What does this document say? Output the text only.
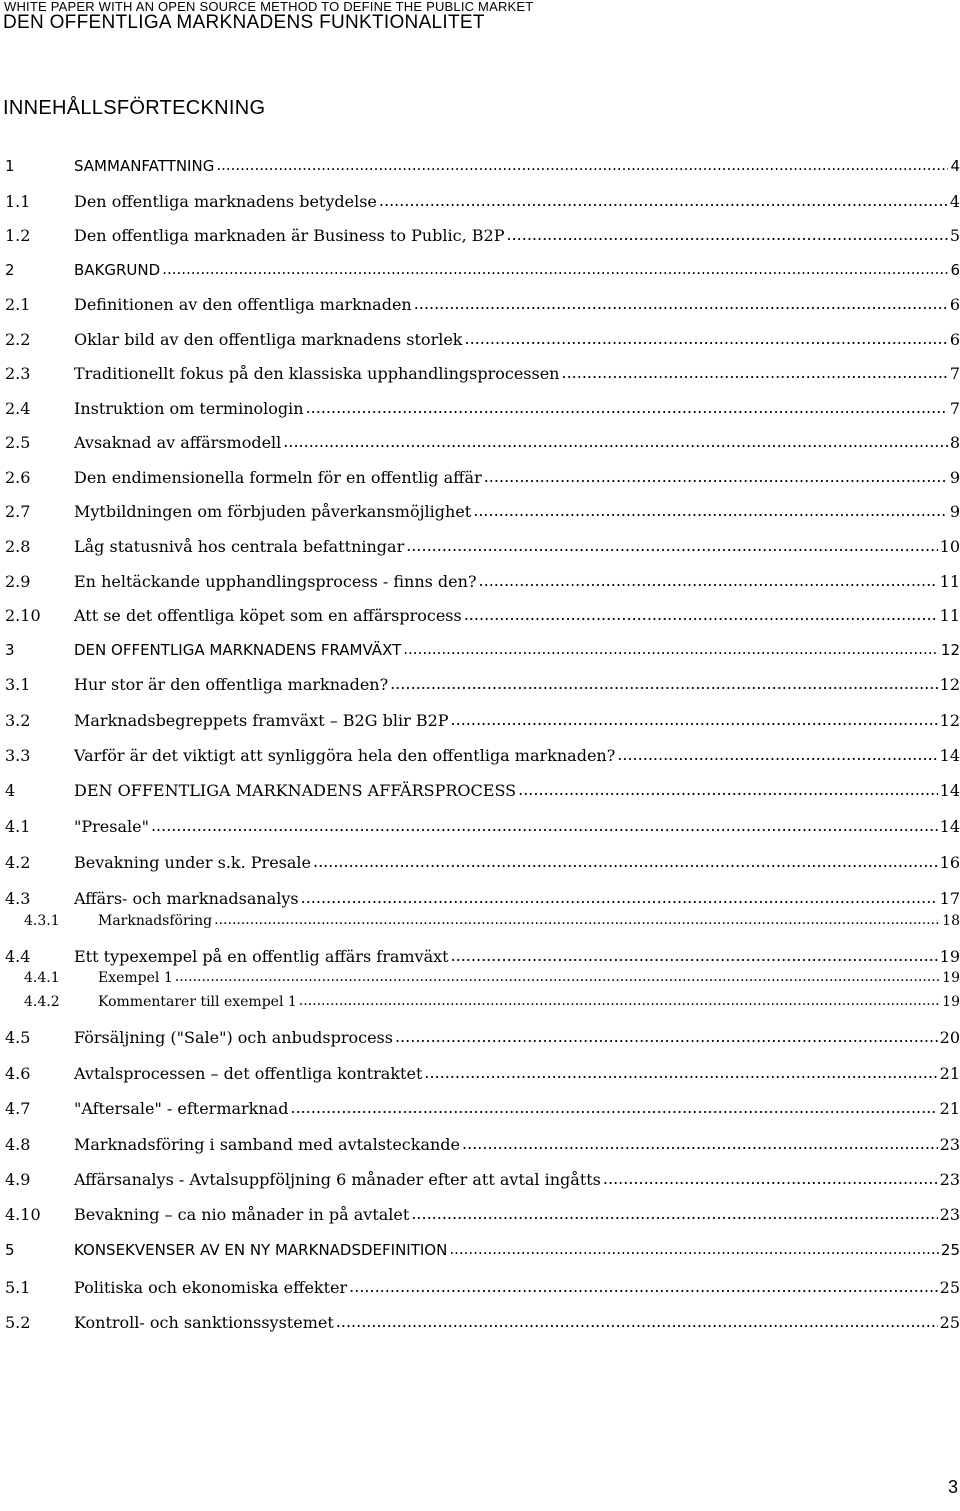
WHITE PAPER WITH AN OPEN SOURCE METHOD TO DEFINE THE PUBLIC MARKET
DEN OFFENTLIGA MARKNADENS FUNKTIONALITET
INNEHÅLLSFÖRTECKNING
1	SAMMANFATTNING .....	4
1.1	Den offentliga marknadens betydelse .....	4
1.2	Den offentliga marknaden är Business to Public, B2P .....	5
2	BAKGRUND .....	6
2.1	Definitionen av den offentliga marknaden .....	6
2.2	Oklar bild av den offentliga marknadens storlek .....	6
2.3	Traditionellt fokus på den klassiska upphandlingsprocessen .....	7
2.4	Instruktion om terminologin .....	7
2.5	Avsaknad av affärsmodell .....	8
2.6	Den endimensionella formeln för en offentlig affär .....	9
2.7	Mytbildningen om förbjuden påverkansmöjlighet .....	9
2.8	Låg statusnivå hos centrala befattningar .....	10
2.9	En heltäckande upphandlingsprocess - finns den? .....	11
2.10	Att se det offentliga köpet som en affärsprocess .....	11
3	DEN OFFENTLIGA MARKNADENS FRAMVÄXT .....	12
3.1	Hur stor är den offentliga marknaden? .....	12
3.2	Marknadsbegreppets framväxt – B2G blir B2P .....	12
3.3	Varför är det viktigt att synliggöra hela den offentliga marknaden? .....	14
4	DEN OFFENTLIGA MARKNADENS AFFÄRSPROCESS .....	14
4.1	"Presale" .....	14
4.2	Bevakning under s.k. Presale .....	16
4.3	Affärs- och marknadsanalys .....	17
4.3.1	Marknadsföring .....	18
4.4	Ett typexempel på en offentlig affärs framväxt .....	19
4.4.1	Exempel 1 .....	19
4.4.2	Kommentarer till exempel 1 .....	19
4.5	Försäljning ("Sale") och anbudsprocess .....	20
4.6	Avtalsprocessen – det offentliga kontraktet .....	21
4.7	"Aftersale" - eftermarknad .....	21
4.8	Marknadsföring i samband med avtalsteckande .....	23
4.9	Affärsanalys - Avtalsuppföljning 6 månader efter att avtal ingåtts .....	23
4.10	Bevakning – ca nio månader in på avtalet .....	23
5	KONSEKVENSER AV EN NY MARKNADSDEFINITION .....	25
5.1	Politiska och ekonomiska effekter .....	25
5.2	Kontroll- och sanktionssystemet .....	25
3
